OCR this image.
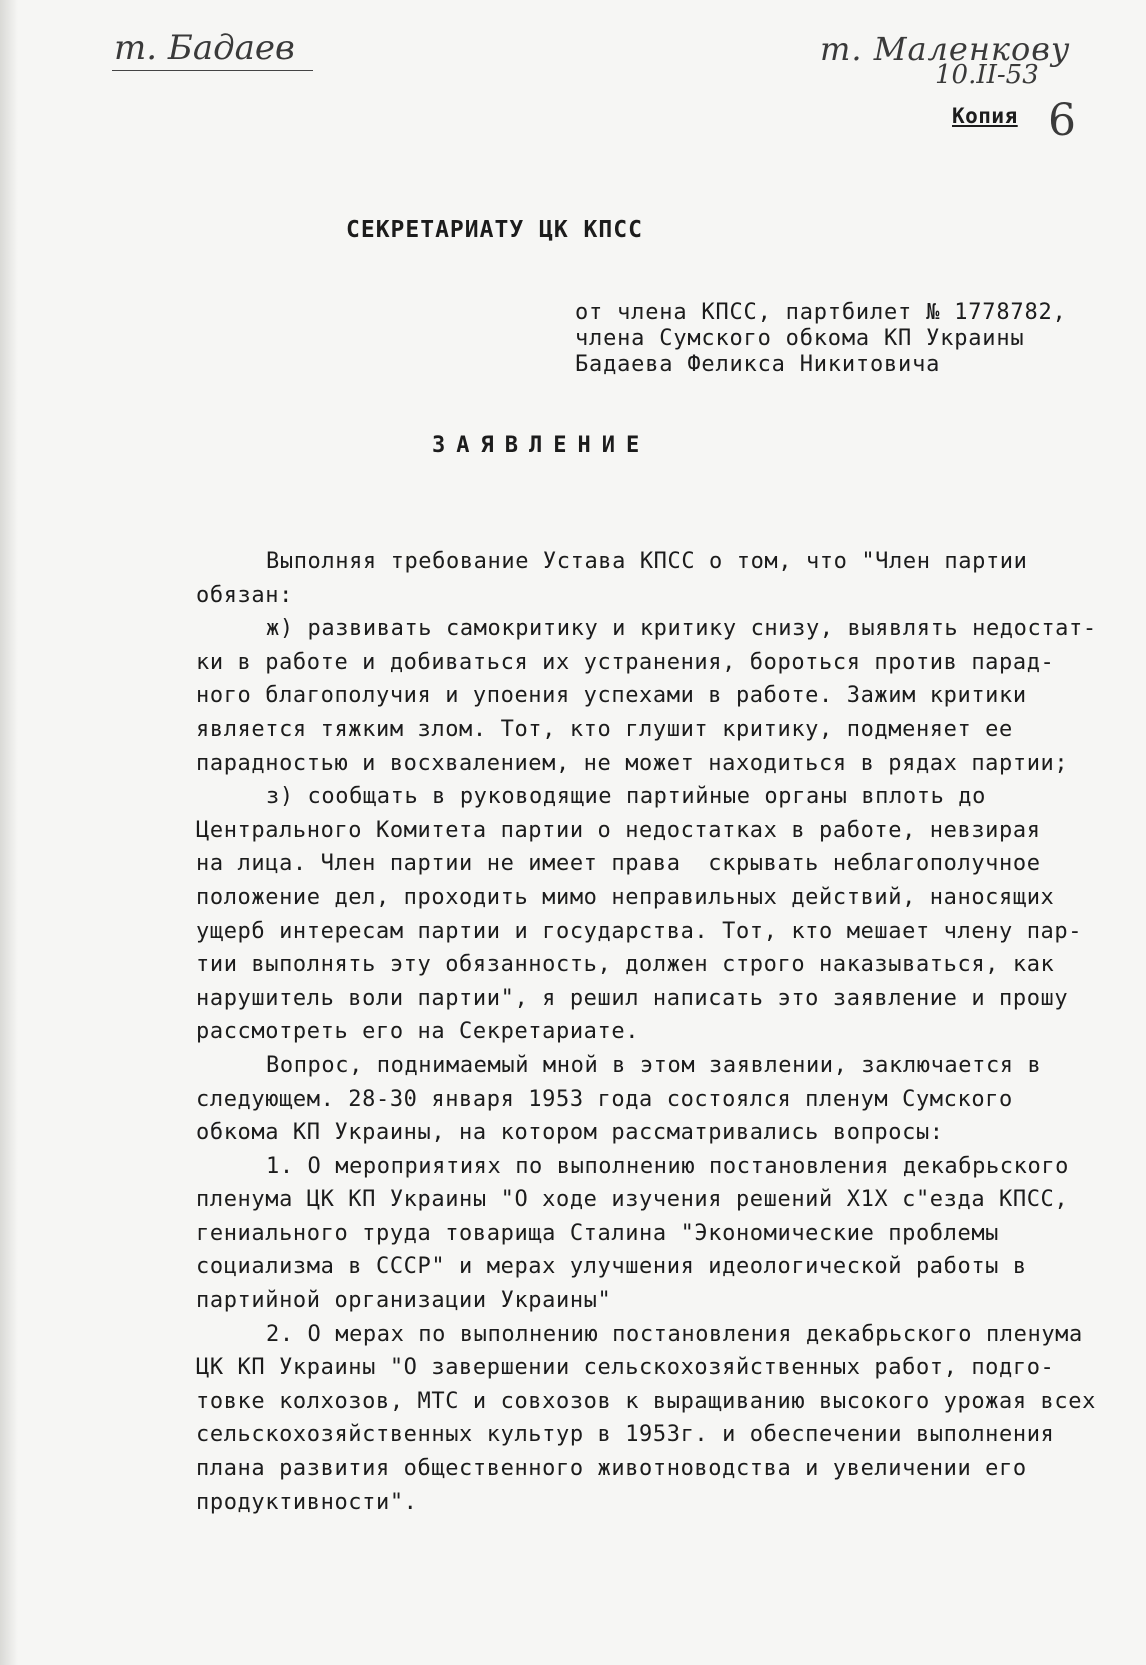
т. Бадаев	т. Маленкову
10.II-53
6
Копия
СЕКРЕТАРИАТУ ЦК КПСС
от члена КПСС, партбилет № 1778782,
члена Сумского обкома КП Украины
Бадаева Феликса Никитовича
ЗАЯВЛЕНИЕ
Выполняя требование Устава КПСС о том, что "Член партии
обязан:
ж) развивать самокритику и критику снизу, выявлять недостат-
ки в работе и добиваться их устранения, бороться против парад-
ного благополучия и упоения успехами в работе. Зажим критики
является тяжким злом. Тот, кто глушит критику, подменяет ее
парадностью и восхвалением, не может находиться в рядах партии;
з) сообщать в руководящие партийные органы вплоть до
Центрального Комитета партии о недостатках в работе, невзирая
на лица. Член партии не имеет права  скрывать неблагополучное
положение дел, проходить мимо неправильных действий, наносящих
ущерб интересам партии и государства. Тот, кто мешает члену пар-
тии выполнять эту обязанность, должен строго наказываться, как
нарушитель воли партии", я решил написать это заявление и прошу
рассмотреть его на Секретариате.
Вопрос, поднимаемый мной в этом заявлении, заключается в
следующем. 28-30 января 1953 года состоялся пленум Сумского
обкома КП Украины, на котором рассматривались вопросы:
1. О мероприятиях по выполнению постановления декабрьского
пленума ЦК КП Украины "О ходе изучения решений Х1Х с"езда КПСС,
гениального труда товарища Сталина "Экономические проблемы
социализма в СССР" и мерах улучшения идеологической работы в
партийной организации Украины"
2. О мерах по выполнению постановления декабрьского пленума
ЦК КП Украины "О завершении сельскохозяйственных работ, подго-
товке колхозов, МТС и совхозов к выращиванию высокого урожая всех
сельскохозяйственных культур в 1953г. и обеспечении выполнения
плана развития общественного животноводства и увеличении его
продуктивности".
